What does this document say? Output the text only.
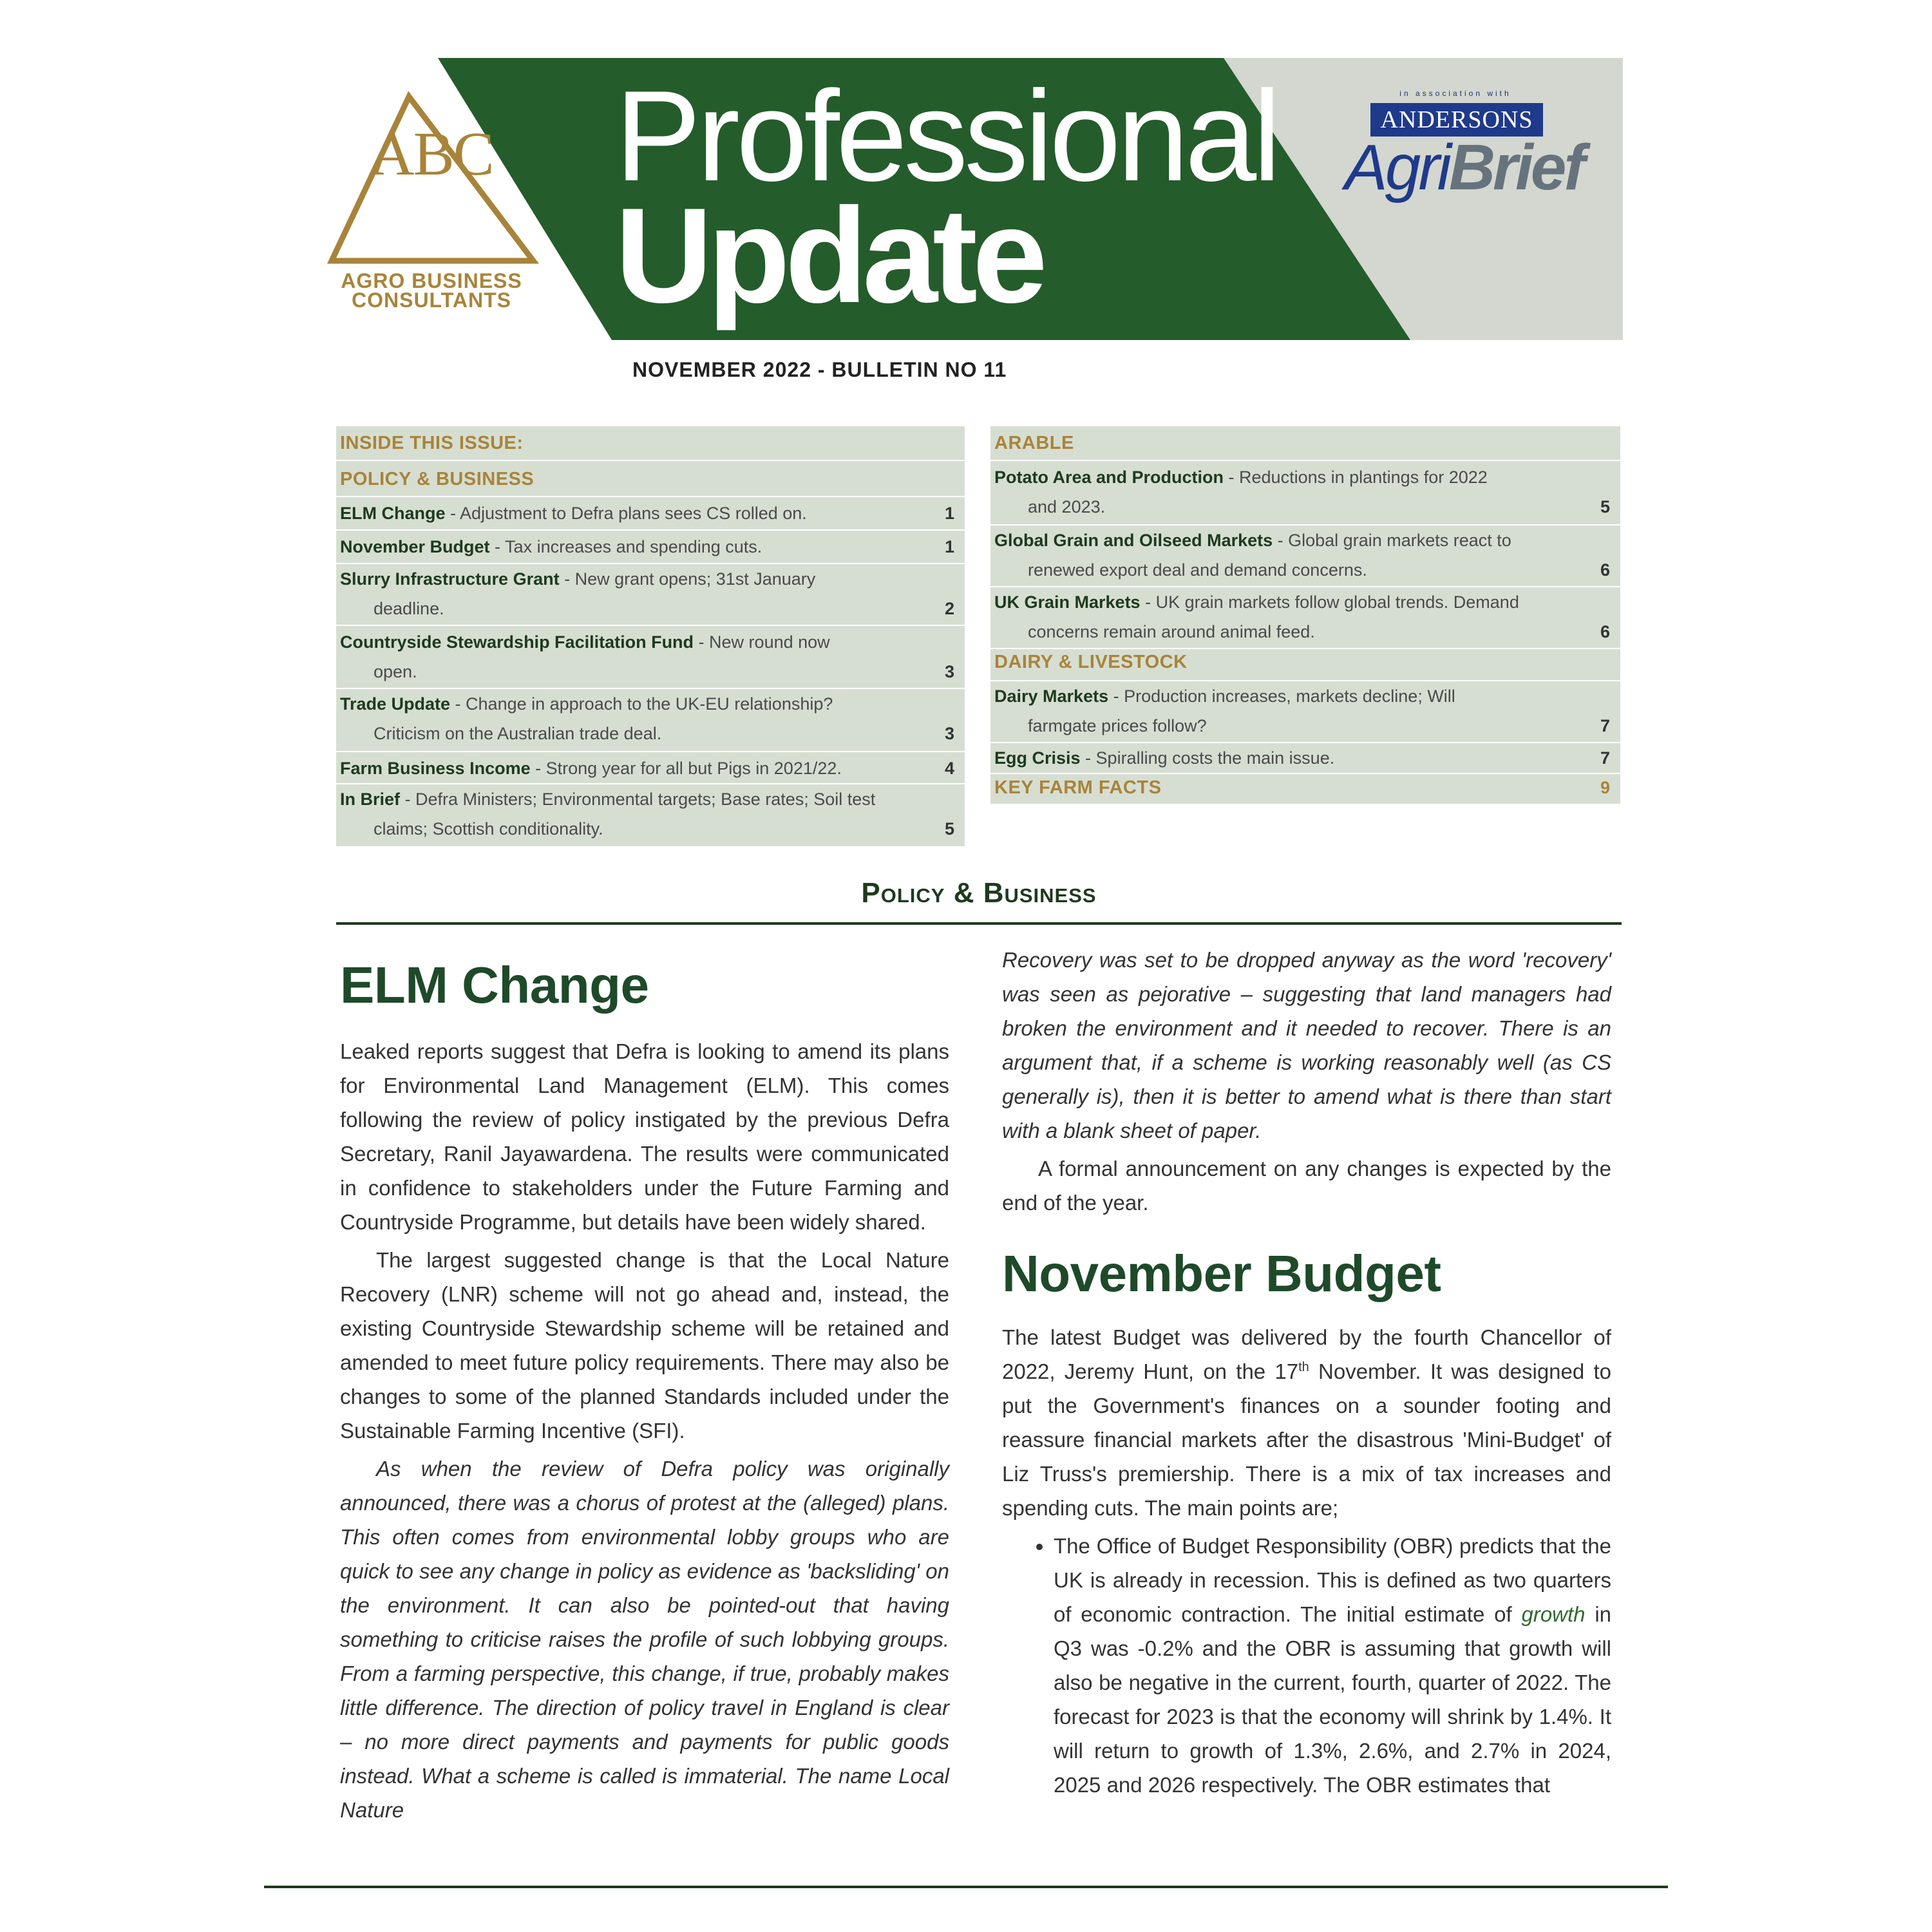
ABC
AGRO BUSINESS
CONSULTANTS
Professional
Update
in association with
ANDERSONS
AgriBrief
NOVEMBER 2022 - BULLETIN NO 11
INSIDE THIS ISSUE:
POLICY & BUSINESS
ELM Change - Adjustment to Defra plans sees CS rolled on.	1
November Budget - Tax increases and spending cuts.	1
Slurry Infrastructure Grant - New grant opens; 31st January
deadline.	2
Countryside Stewardship Facilitation Fund - New round now
open.	3
Trade Update - Change in approach to the UK-EU relationship?
Criticism on the Australian trade deal.	3
Farm Business Income - Strong year for all but Pigs in 2021/22.	4
In Brief - Defra Ministers; Environmental targets; Base rates; Soil test
claims; Scottish conditionality.	5
ARABLE
Potato Area and Production - Reductions in plantings for 2022
and 2023.	5
Global Grain and Oilseed Markets - Global grain markets react to
renewed export deal and demand concerns.	6
UK Grain Markets - UK grain markets follow global trends. Demand
concerns remain around animal feed.	6
DAIRY & LIVESTOCK
Dairy Markets - Production increases, markets decline; Will
farmgate prices follow?	7
Egg Crisis - Spiralling costs the main issue.	7
KEY FARM FACTS	9
Policy & Business
ELM Change

Leaked reports suggest that Defra is looking to amend its plans for Environmental Land Management (ELM). This comes following the review of policy instigated by the previous Defra Secretary, Ranil Jayawardena. The results were communicated in confidence to stakeholders under the Future Farming and Countryside Programme, but details have been widely shared.

The largest suggested change is that the Local Nature Recovery (LNR) scheme will not go ahead and, instead, the existing Countryside Stewardship scheme will be retained and amended to meet future policy requirements. There may also be changes to some of the planned Standards included under the Sustainable Farming Incentive (SFI).

As when the review of Defra policy was originally announced, there was a chorus of protest at the (alleged) plans. This often comes from environmental lobby groups who are quick to see any change in policy as evidence as 'backsliding' on the environment. It can also be pointed-out that having something to criticise raises the profile of such lobbying groups. From a farming perspective, this change, if true, probably makes little difference. The direction of policy travel in England is clear – no more direct payments and payments for public goods instead. What a scheme is called is immaterial. The name Local Nature

Recovery was set to be dropped anyway as the word 'recovery' was seen as pejorative – suggesting that land managers had broken the environment and it needed to recover. There is an argument that, if a scheme is working reasonably well (as CS generally is), then it is better to amend what is there than start with a blank sheet of paper.

A formal announcement on any changes is expected by the end of the year.

November Budget

The latest Budget was delivered by the fourth Chancellor of 2022, Jeremy Hunt, on the 17th November. It was designed to put the Government's finances on a sounder footing and reassure financial markets after the disastrous 'Mini-Budget' of Liz Truss's premiership. There is a mix of tax increases and spending cuts. The main points are;

• The Office of Budget Responsibility (OBR) predicts that the UK is already in recession. This is defined as two quarters of economic contraction. The initial estimate of growth in Q3 was -0.2% and the OBR is assuming that growth will also be negative in the current, fourth, quarter of 2022. The forecast for 2023 is that the economy will shrink by 1.4%. It will return to growth of 1.3%, 2.6%, and 2.7% in 2024, 2025 and 2026 respectively. The OBR estimates that
